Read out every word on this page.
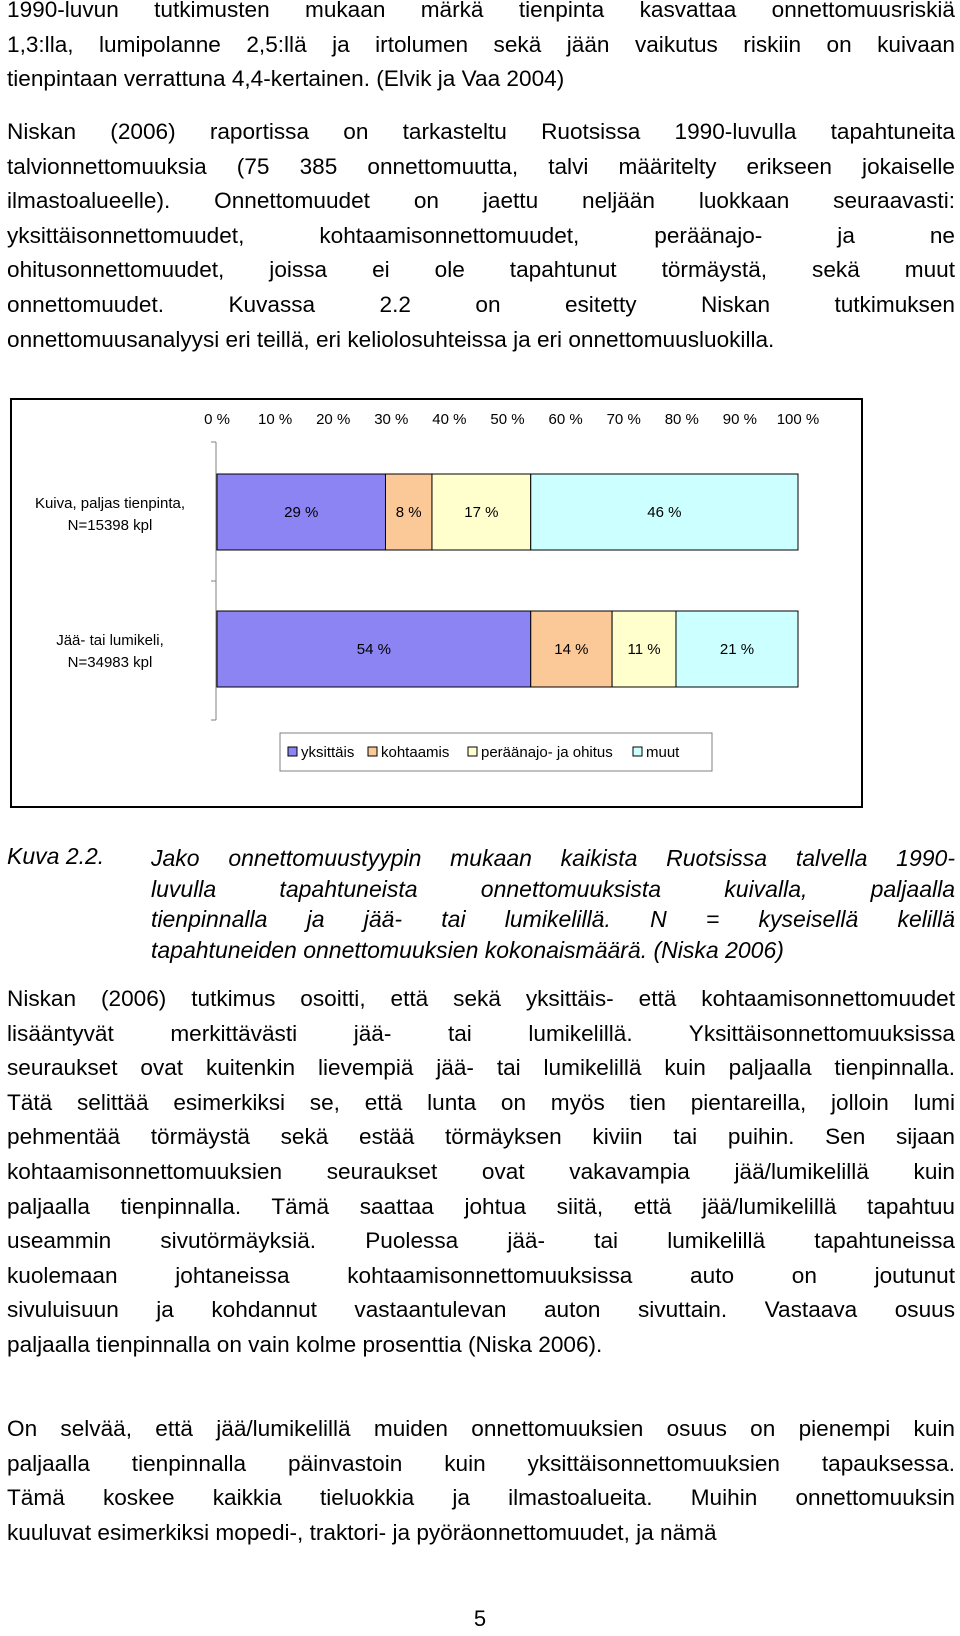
1990-luvun tutkimusten mukaan märkä tienpinta kasvattaa onnettomuusriskiä
1,3:lla, lumipolanne 2,5:llä ja irtolumen sekä jään vaikutus riskiin on kuivaan
tienpintaan verrattuna 4,4-kertainen. (Elvik ja Vaa 2004)
Niskan (2006) raportissa on tarkasteltu Ruotsissa 1990-luvulla tapahtuneita
talvionnettomuuksia (75 385 onnettomuutta, talvi määritelty erikseen jokaiselle
ilmastoalueelle). Onnettomuudet on jaettu neljään luokkaan seuraavasti:
yksittäisonnettomuudet, kohtaamisonnettomuudet, peräänajo- ja ne
ohitusonnettomuudet, joissa ei ole tapahtunut törmäystä, sekä muut
onnettomuudet. Kuvassa 2.2 on esitetty Niskan tutkimuksen
onnettomuusanalyysi eri teillä, eri keliolosuhteissa ja eri onnettomuusluokilla.
0 % 10 % 20 % 30 % 40 % 50 % 60 % 70 % 80 % 90 % 100 %
Kuiva, paljas tienpinta,
N=15398 kpl
29 %	8 %	17 %	46 %
Jää- tai lumikeli,
N=34983 kpl
54 %	14 %	11 %	21 %
yksittäis kohtaamis peräänajo- ja ohitus muut
Kuva 2.2. Jako onnettomuustyypin mukaan kaikista Ruotsissa talvella 1990-
luvulla tapahtuneista onnettomuuksista kuivalla, paljaalla
tienpinnalla ja jää- tai lumikelillä. N = kyseisellä kelillä
tapahtuneiden onnettomuuksien kokonaismäärä. (Niska 2006)
Niskan (2006) tutkimus osoitti, että sekä yksittäis- että kohtaamisonnettomuudet
lisääntyvät merkittävästi jää- tai lumikelillä. Yksittäisonnettomuuksissa
seuraukset ovat kuitenkin lievempiä jää- tai lumikelillä kuin paljaalla tienpinnalla.
Tätä selittää esimerkiksi se, että lunta on myös tien pientareilla, jolloin lumi
pehmentää törmäystä sekä estää törmäyksen kiviin tai puihin. Sen sijaan
kohtaamisonnettomuuksien seuraukset ovat vakavampia jää/lumikelillä kuin
paljaalla tienpinnalla. Tämä saattaa johtua siitä, että jää/lumikelillä tapahtuu
useammin sivutörmäyksiä. Puolessa jää- tai lumikelillä tapahtuneissa
kuolemaan johtaneissa kohtaamisonnettomuuksissa auto on joutunut
sivuluisuun ja kohdannut vastaantulevan auton sivuttain. Vastaava osuus
paljaalla tienpinnalla on vain kolme prosenttia (Niska 2006).
On selvää, että jää/lumikelillä muiden onnettomuuksien osuus on pienempi kuin
paljaalla tienpinnalla päinvastoin kuin yksittäisonnettomuuksien tapauksessa.
Tämä koskee kaikkia tieluokkia ja ilmastoalueita. Muihin onnettomuuksin
kuuluvat esimerkiksi mopedi-, traktori- ja pyöräonnettomuudet, ja nämä
5
